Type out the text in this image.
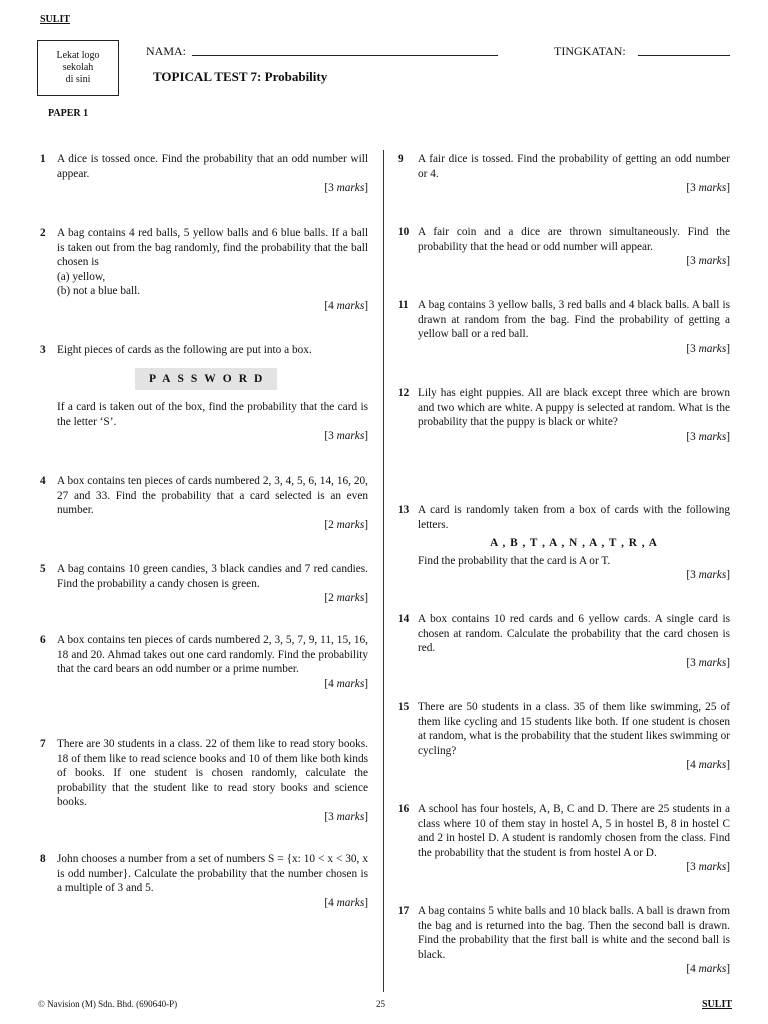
SULIT
Lekat logo
sekolah
di sini
NAMA:	TINGKATAN:
TOPICAL TEST 7: Probability
PAPER 1
1 A dice is tossed once. Find the probability that an odd number will appear.

[3 marks]
2 A bag contains 4 red balls, 5 yellow balls and 6 blue balls. If a ball is taken out from the bag randomly, find the probability that the ball chosen is

(a) yellow,

(b) not a blue ball.

[4 marks]
3 Eight pieces of cards as the following are put into a box.

PASSWORD

If a card is taken out of the box, find the probability that the card is the letter ‘S’.

[3 marks]
4 A box contains ten pieces of cards numbered 2, 3, 4, 5, 6, 14, 16, 20, 27 and 33. Find the probability that a card selected is an even number.

[2 marks]
5 A bag contains 10 green candies, 3 black candies and 7 red candies. Find the probability a candy chosen is green.

[2 marks]
6 A box contains ten pieces of cards numbered 2, 3, 5, 7, 9, 11, 15, 16, 18 and 20. Ahmad takes out one card randomly. Find the probability that the card bears an odd number or a prime number.

[4 marks]
7 There are 30 students in a class. 22 of them like to read story books. 18 of them like to read science books and 10 of them like both kinds of books. If one student is chosen randomly, calculate the probability that the student like to read story books and science books.

[3 marks]
8 John chooses a number from a set of numbers S = {x: 10 < x < 30, x is odd number}. Calculate the probability that the number chosen is a multiple of 3 and 5.

[4 marks]
9 A fair dice is tossed. Find the probability of getting an odd number or 4.

[3 marks]
10 A fair coin and a dice are thrown simultaneously. Find the probability that the head or odd number will appear.

[3 marks]
11 A bag contains 3 yellow balls, 3 red balls and 4 black balls. A ball is drawn at random from the bag. Find the probability of getting a yellow ball or a red ball.

[3 marks]
12 Lily has eight puppies. All are black except three which are brown and two which are white. A puppy is selected at random. What is the probability that the puppy is black or white?

[3 marks]
13 A card is randomly taken from a box of cards with the following letters.

A , B , T , A , N , A , T , R , A

Find the probability that the card is A or T.

[3 marks]
14 A box contains 10 red cards and 6 yellow cards. A single card is chosen at random. Calculate the probability that the card chosen is red.

[3 marks]
15 There are 50 students in a class. 35 of them like swimming, 25 of them like cycling and 15 students like both. If one student is chosen at random, what is the probability that the student likes swimming or cycling?

[4 marks]
16 A school has four hostels, A, B, C and D. There are 25 students in a class where 10 of them stay in hostel A, 5 in hostel B, 8 in hostel C and 2 in hostel D. A student is randomly chosen from the class. Find the probability that the student is from hostel A or D.

[3 marks]
17 A bag contains 5 white balls and 10 black balls. A ball is drawn from the bag and is returned into the bag. Then the second ball is drawn. Find the probability that the first ball is white and the second ball is black.

[4 marks]
© Navision (M) Sdn. Bhd. (690640-P)	25	SULIT
